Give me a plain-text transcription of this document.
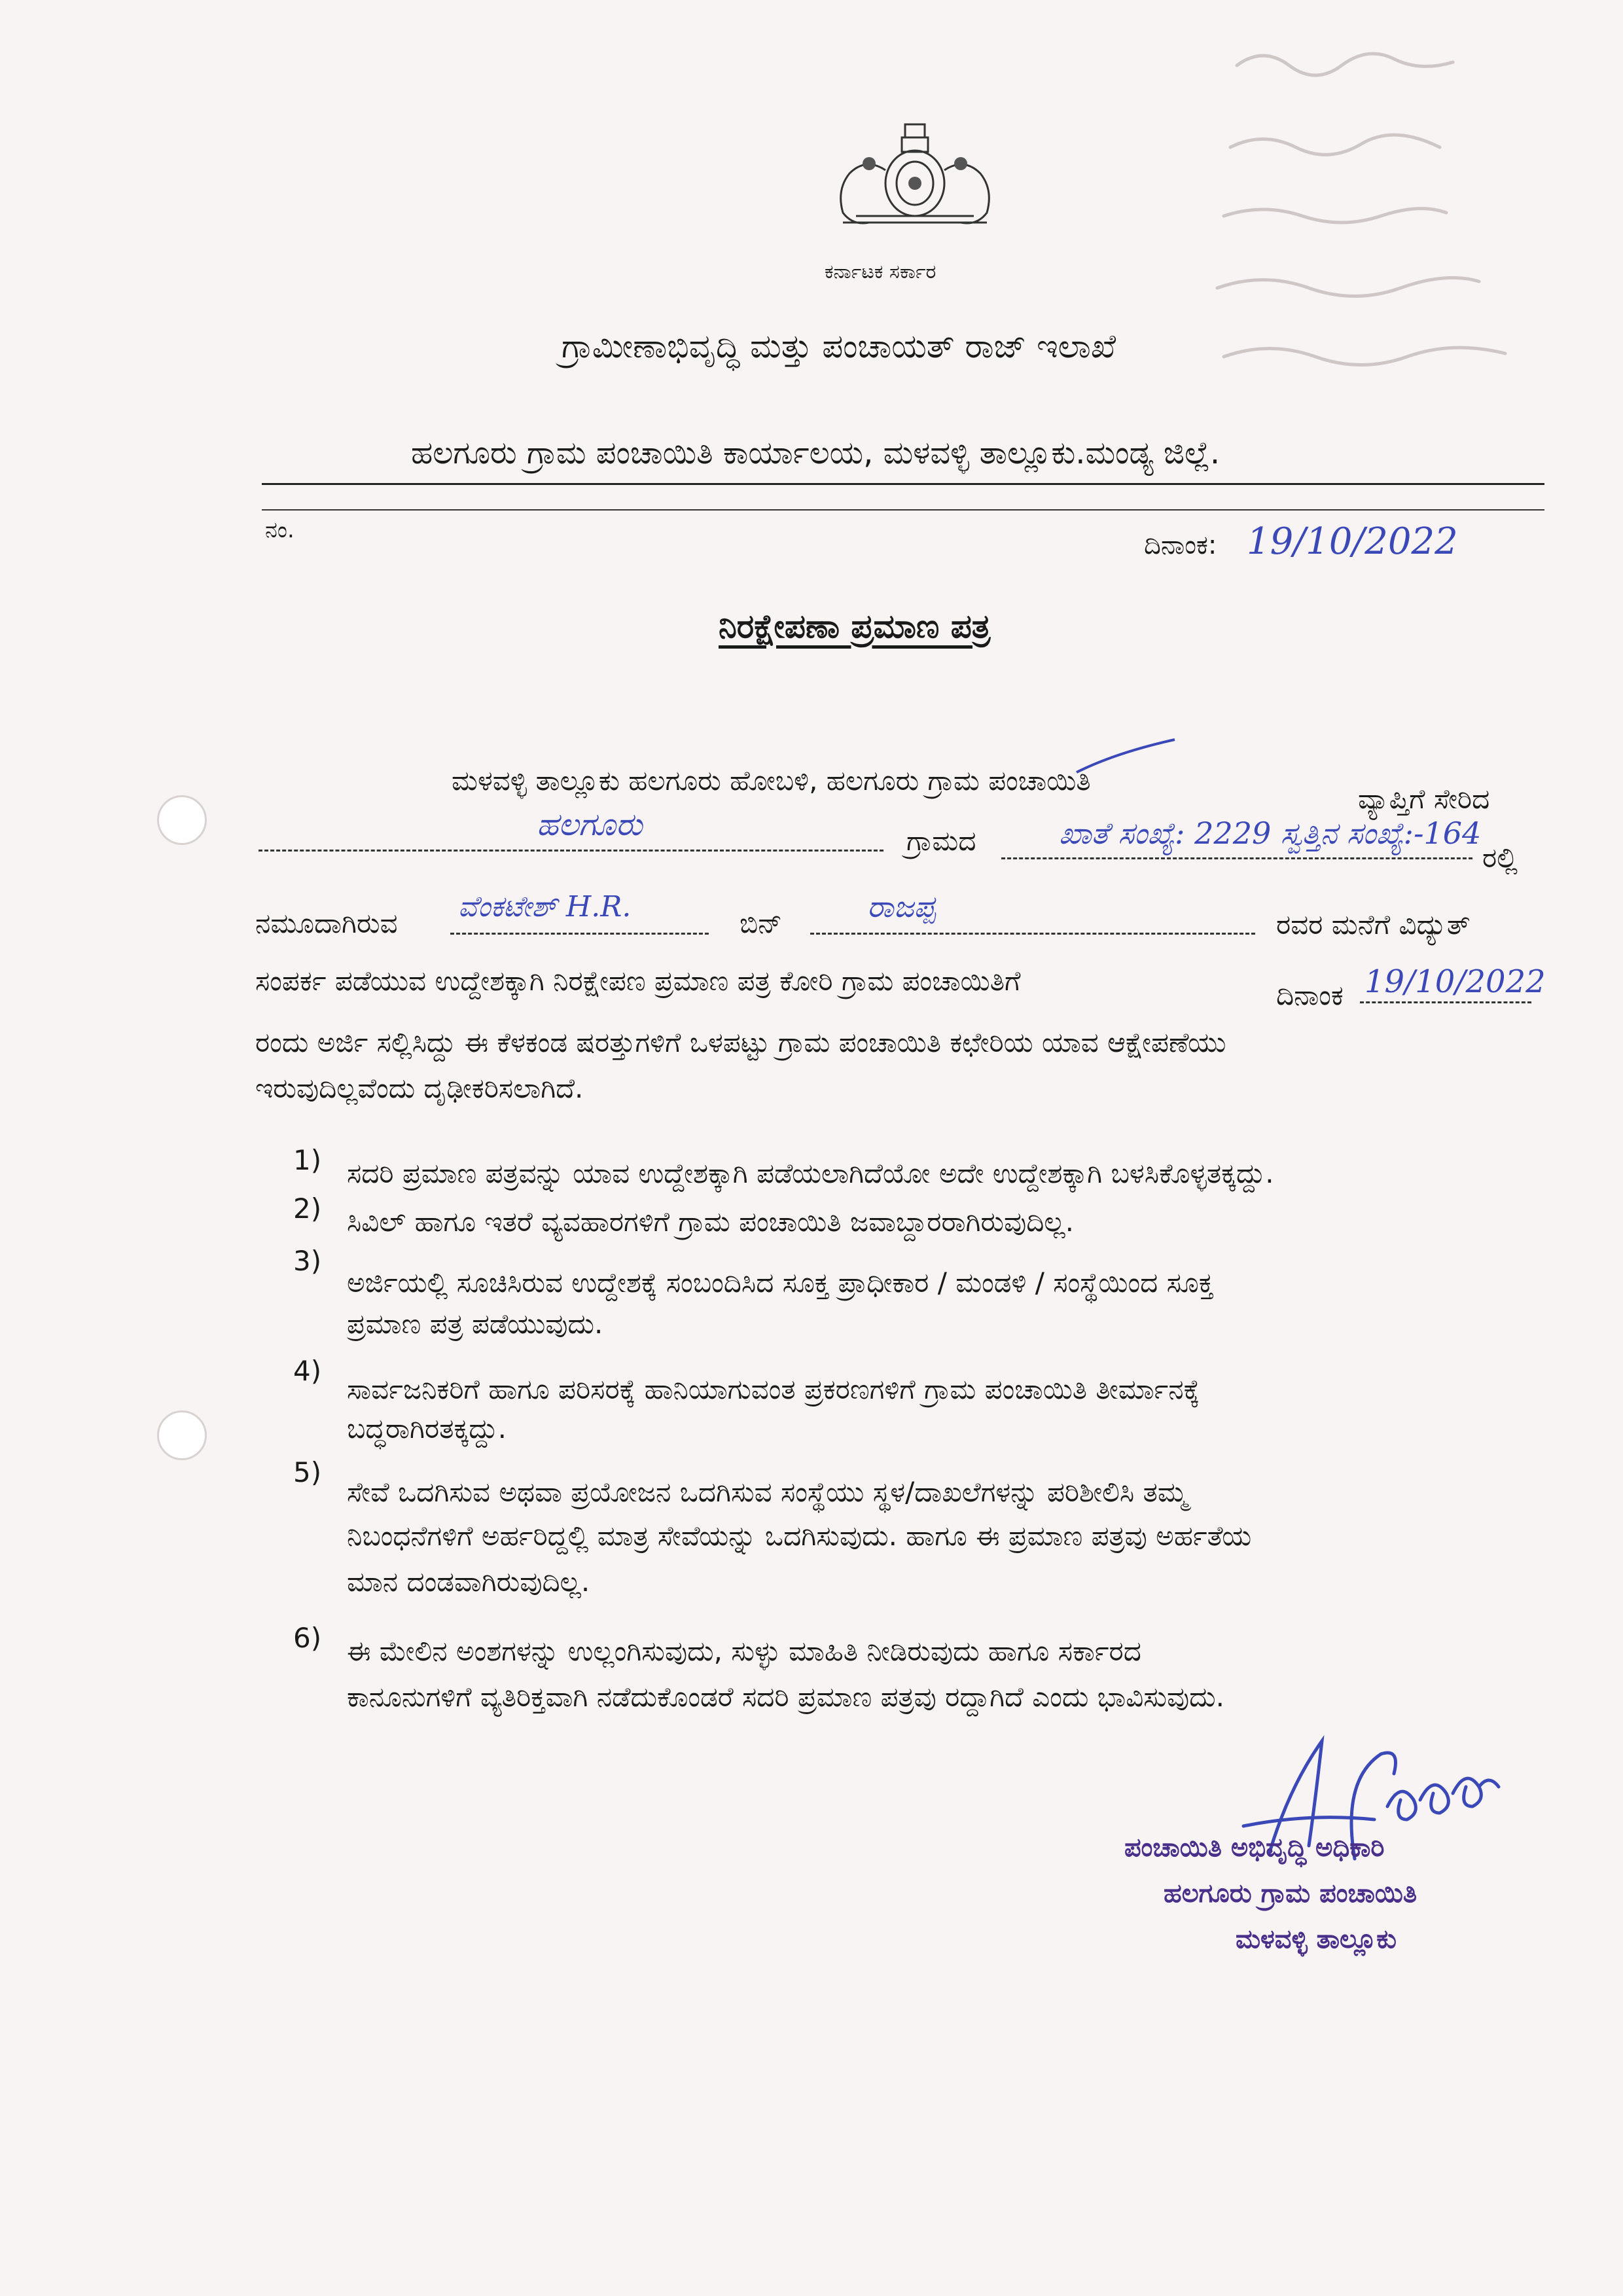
ಕರ್ನಾಟಕ ಸರ್ಕಾರ
ಗ್ರಾಮೀಣಾಭಿವೃದ್ಧಿ ಮತ್ತು ಪಂಚಾಯತ್ ರಾಜ್ ಇಲಾಖೆ
ಹಲಗೂರು ಗ್ರಾಮ ಪಂಚಾಯಿತಿ ಕಾರ್ಯಾಲಯ, ಮಳವಳ್ಳಿ ತಾಲ್ಲೂಕು.ಮಂಡ್ಯ ಜಿಲ್ಲೆ.
ನಂ.	ದಿನಾಂಕ: 19/10/2022
ನಿರಕ್ಷೇಪಣಾ ಪ್ರಮಾಣ ಪತ್ರ
ಮಳವಳ್ಳಿ ತಾಲ್ಲೂಕು ಹಲಗೂರು ಹೋಬಳಿ, ಹಲಗೂರು ಗ್ರಾಮ ಪಂಚಾಯಿತಿ
ವ್ಯಾಪ್ತಿಗೆ ಸೇರಿದ
ಹಲಗೂರು	ಗ್ರಾಮದ	ಖಾತೆ ಸಂಖ್ಯೆ: 2229 ಸ್ವತ್ತಿನ ಸಂಖ್ಯೆ:-164
ರಲ್ಲಿ
ನಮೂದಾಗಿರುವ ವೆಂಕಟೇಶ್ H.R.	ಬಿನ್	ರಾಜಪ್ಪ
ರವರ ಮನೆಗೆ ವಿದ್ಯುತ್
ಸಂಪರ್ಕ ಪಡೆಯುವ ಉದ್ದೇಶಕ್ಕಾಗಿ ನಿರಕ್ಷೇಪಣ ಪ್ರಮಾಣ ಪತ್ರ ಕೋರಿ ಗ್ರಾಮ ಪಂಚಾಯಿತಿಗೆ	ದಿನಾಂಕ 19/10/2022
ರಂದು ಅರ್ಜಿ ಸಲ್ಲಿಸಿದ್ದು ಈ ಕೆಳಕಂಡ ಷರತ್ತುಗಳಿಗೆ ಒಳಪಟ್ಟು ಗ್ರಾಮ ಪಂಚಾಯಿತಿ ಕಛೇರಿಯ ಯಾವ ಆಕ್ಷೇಪಣೆಯು
ಇರುವುದಿಲ್ಲವೆಂದು ದೃಢೀಕರಿಸಲಾಗಿದೆ.
1) ಸದರಿ ಪ್ರಮಾಣ ಪತ್ರವನ್ನು ಯಾವ ಉದ್ದೇಶಕ್ಕಾಗಿ ಪಡೆಯಲಾಗಿದೆಯೋ ಅದೇ ಉದ್ದೇಶಕ್ಕಾಗಿ ಬಳಸಿಕೊಳ್ಳತಕ್ಕದ್ದು.
2) ಸಿವಿಲ್ ಹಾಗೂ ಇತರೆ ವ್ಯವಹಾರಗಳಿಗೆ ಗ್ರಾಮ ಪಂಚಾಯಿತಿ ಜವಾಬ್ದಾರರಾಗಿರುವುದಿಲ್ಲ.
3)
ಅರ್ಜಿಯಲ್ಲಿ ಸೂಚಿಸಿರುವ ಉದ್ದೇಶಕ್ಕೆ ಸಂಬಂದಿಸಿದ ಸೂಕ್ತ ಪ್ರಾಧೀಕಾರ / ಮಂಡಳಿ / ಸಂಸ್ಥೆಯಿಂದ ಸೂಕ್ತ
ಪ್ರಮಾಣ ಪತ್ರ ಪಡೆಯುವುದು.
4)
ಸಾರ್ವಜನಿಕರಿಗೆ ಹಾಗೂ ಪರಿಸರಕ್ಕೆ ಹಾನಿಯಾಗುವಂತ ಪ್ರಕರಣಗಳಿಗೆ ಗ್ರಾಮ ಪಂಚಾಯಿತಿ ತೀರ್ಮಾನಕ್ಕೆ
ಬದ್ಧರಾಗಿರತಕ್ಕದ್ದು.
5)
ಸೇವೆ ಒದಗಿಸುವ ಅಥವಾ ಪ್ರಯೋಜನ ಒದಗಿಸುವ ಸಂಸ್ಥೆಯು ಸ್ಥಳ/ದಾಖಲೆಗಳನ್ನು ಪರಿಶೀಲಿಸಿ ತಮ್ಮ
ನಿಬಂಧನೆಗಳಿಗೆ ಅರ್ಹರಿದ್ದಲ್ಲಿ ಮಾತ್ರ ಸೇವೆಯನ್ನು ಒದಗಿಸುವುದು. ಹಾಗೂ ಈ ಪ್ರಮಾಣ ಪತ್ರವು ಅರ್ಹತೆಯ
ಮಾನ ದಂಡವಾಗಿರುವುದಿಲ್ಲ.
6) ಈ ಮೇಲಿನ ಅಂಶಗಳನ್ನು ಉಲ್ಲಂಗಿಸುವುದು, ಸುಳ್ಳು ಮಾಹಿತಿ ನೀಡಿರುವುದು ಹಾಗೂ ಸರ್ಕಾರದ
ಕಾನೂನುಗಳಿಗೆ ವ್ಯತಿರಿಕ್ತವಾಗಿ ನಡೆದುಕೊಂಡರೆ ಸದರಿ ಪ್ರಮಾಣ ಪತ್ರವು ರದ್ದಾಗಿದೆ ಎಂದು ಭಾವಿಸುವುದು.
ಪಂಚಾಯಿತಿ ಅಭಿವೃದ್ಧಿ ಅಧಿಕಾರಿ
ಹಲಗೂರು ಗ್ರಾಮ ಪಂಚಾಯಿತಿ
ಮಳವಳ್ಳಿ ತಾಲ್ಲೂಕು
